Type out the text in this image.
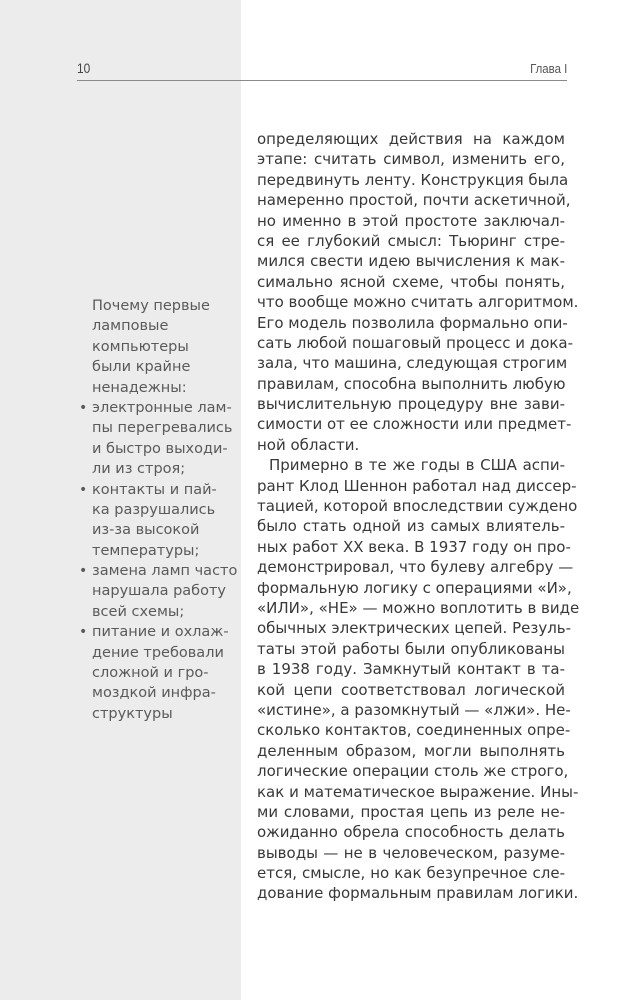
10	Глава I
Почему первые
ламповые
компьютеры
были крайне
ненадежны:
• электронные лам-
пы перегревались
и быстро выходи-
ли из строя;
• контакты и пай-
ка разрушались
из-за высокой
температуры;
• замена ламп часто
нарушала работу
всей схемы;
• питание и охлаж-
дение требовали
сложной и гро-
моздкой инфра-
структуры
определяющих действия на каждом
этапе: считать символ, изменить его,
передвинуть ленту. Конструкция была
намеренно простой, почти аскетичной,
но именно в этой простоте заключал-
ся ее глубокий смысл: Тьюринг стре-
мился свести идею вычисления к мак-
симально ясной схеме, чтобы понять,
что вообще можно считать алгоритмом.
Его модель позволила формально опи-
сать любой пошаговый процесс и дока-
зала, что машина, следующая строгим
правилам, способна выполнить любую
вычислительную процедуру вне зави-
симости от ее сложности или предмет-
ной области.
Примерно в те же годы в США аспи-
рант Клод Шеннон работал над диссер-
тацией, которой впоследствии суждено
было стать одной из самых влиятель-
ных работ XX века. В 1937 году он про-
демонстрировал, что булеву алгебру —
формальную логику с операциями «И»,
«ИЛИ», «НЕ» — можно воплотить в виде
обычных электрических цепей. Резуль-
таты этой работы были опубликованы
в 1938 году. Замкнутый контакт в та-
кой цепи соответствовал логической
«истине», а разомкнутый — «лжи». Не-
сколько контактов, соединенных опре-
деленным образом, могли выполнять
логические операции столь же строго,
как и математическое выражение. Ины-
ми словами, простая цепь из реле не-
ожиданно обрела способность делать
выводы — не в человеческом, разуме-
ется, смысле, но как безупречное сле-
дование формальным правилам логики.
